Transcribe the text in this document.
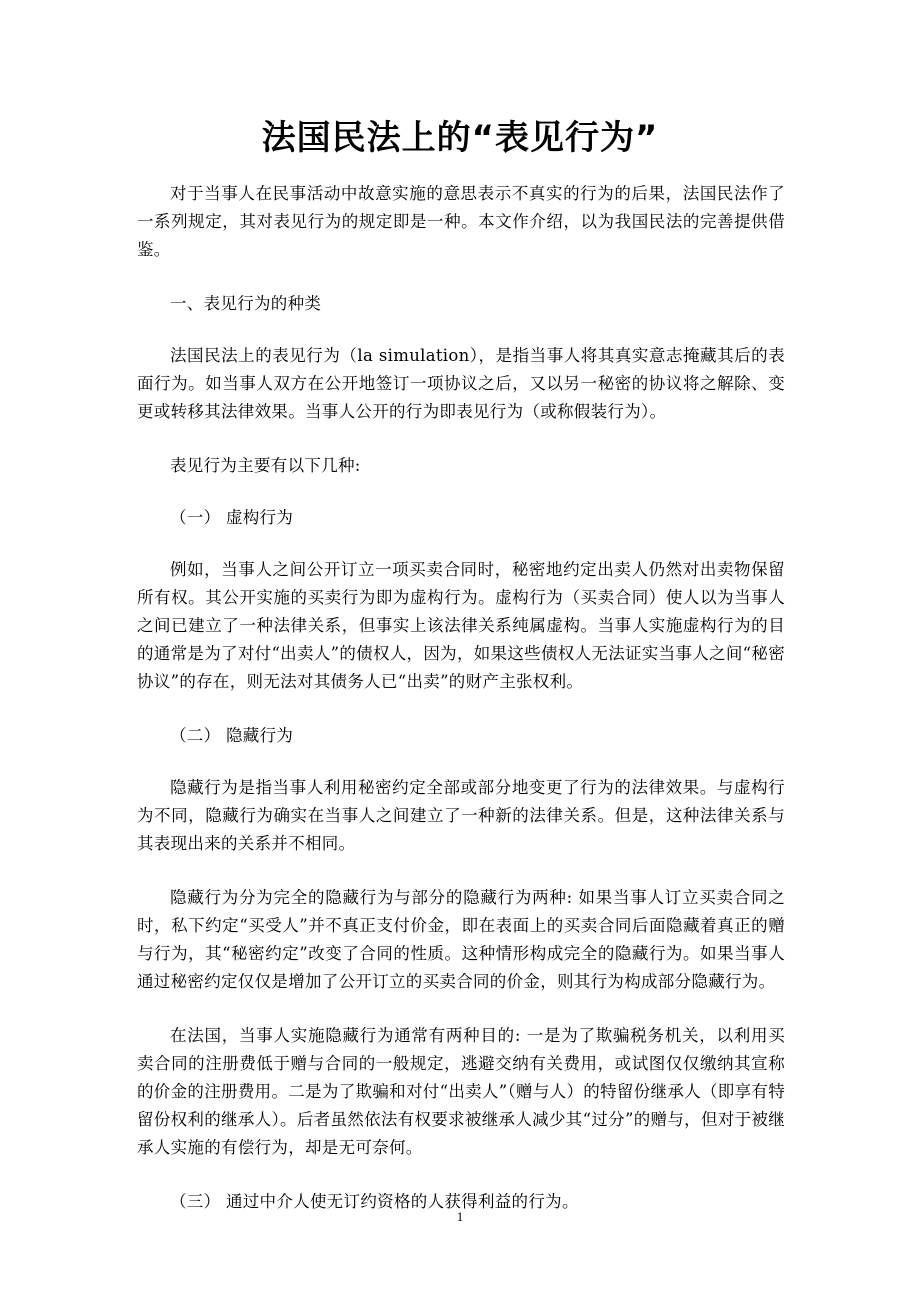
法国民法上的“表见行为”

对于当事人在民事活动中故意实施的意思表示不真实的行为的后果，法国民法作了一系列规定，其对表见行为的规定即是一种。本文作介绍，以为我国民法的完善提供借鉴。

一、表见行为的种类

法国民法上的表见行为（la simulation），是指当事人将其真实意志掩藏其后的表面行为。如当事人双方在公开地签订一项协议之后，又以另一秘密的协议将之解除、变更或转移其法律效果。当事人公开的行为即表见行为（或称假装行为）。

表见行为主要有以下几种:

（一） 虚构行为

例如，当事人之间公开订立一项买卖合同时，秘密地约定出卖人仍然对出卖物保留所有权。其公开实施的买卖行为即为虚构行为。虚构行为（买卖合同）使人以为当事人之间已建立了一种法律关系，但事实上该法律关系纯属虚构。当事人实施虚构行为的目的通常是为了对付“出卖人”的债权人，因为，如果这些债权人无法证实当事人之间“秘密协议”的存在，则无法对其债务人已“出卖”的财产主张权利。

（二） 隐藏行为

隐藏行为是指当事人利用秘密约定全部或部分地变更了行为的法律效果。与虚构行为不同，隐藏行为确实在当事人之间建立了一种新的法律关系。但是，这种法律关系与其表现出来的关系并不相同。

隐藏行为分为完全的隐藏行为与部分的隐藏行为两种: 如果当事人订立买卖合同之时，私下约定“买受人”并不真正支付价金，即在表面上的买卖合同后面隐藏着真正的赠与行为，其“秘密约定”改变了合同的性质。这种情形构成完全的隐藏行为。如果当事人通过秘密约定仅仅是增加了公开订立的买卖合同的价金，则其行为构成部分隐藏行为。

在法国，当事人实施隐藏行为通常有两种目的: 一是为了欺骗税务机关，以利用买卖合同的注册费低于赠与合同的一般规定，逃避交纳有关费用，或试图仅仅缴纳其宣称的价金的注册费用。二是为了欺骗和对付“出卖人”（赠与人）的特留份继承人（即享有特留份权利的继承人）。后者虽然依法有权要求被继承人减少其“过分”的赠与，但对于被继承人实施的有偿行为，却是无可奈何。

（三） 通过中介人使无订约资格的人获得利益的行为。

1
